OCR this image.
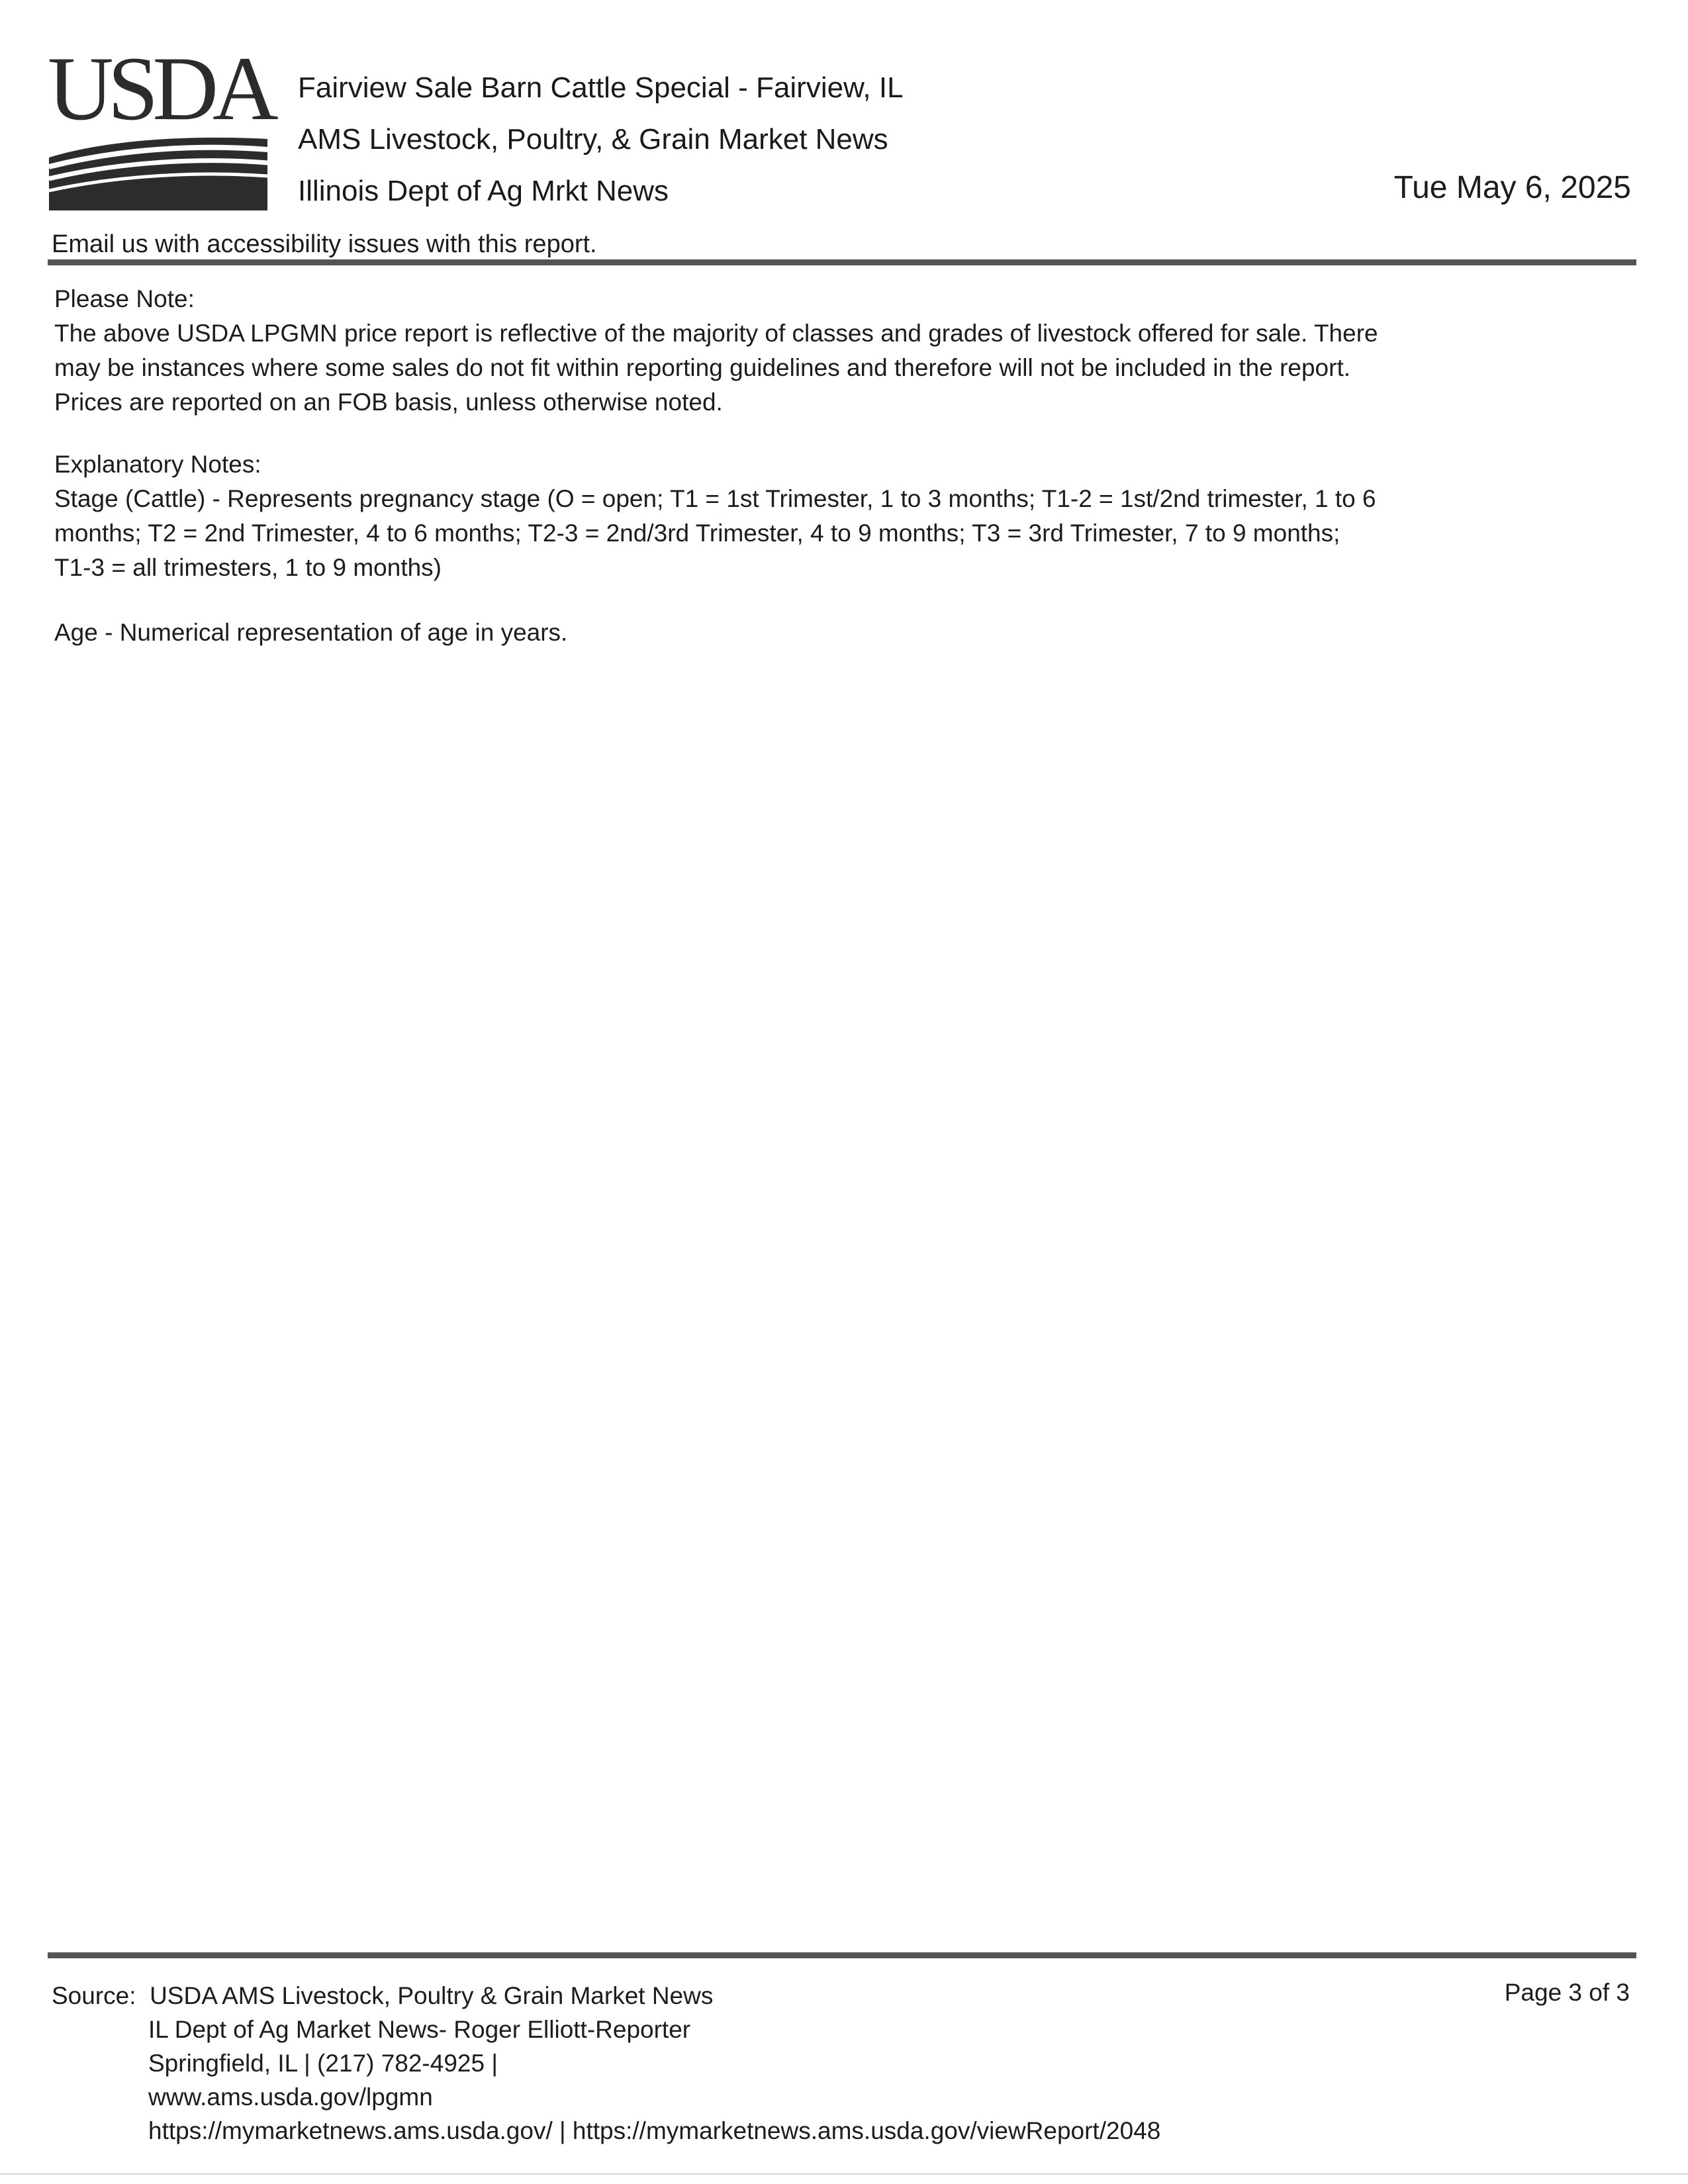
USDA Fairview Sale Barn Cattle Special - Fairview, IL
AMS Livestock, Poultry, & Grain Market News
Illinois Dept of Ag Mrkt News	Tue May 6, 2025
Email us with accessibility issues with this report.
Please Note:
The above USDA LPGMN price report is reflective of the majority of classes and grades of livestock offered for sale. There may be instances where some sales do not fit within reporting guidelines and therefore will not be included in the report. Prices are reported on an FOB basis, unless otherwise noted.
Explanatory Notes:
Stage (Cattle) - Represents pregnancy stage (O = open; T1 = 1st Trimester, 1 to 3 months; T1-2 = 1st/2nd trimester, 1 to 6 months; T2 = 2nd Trimester, 4 to 6 months; T2-3 = 2nd/3rd Trimester, 4 to 9 months; T3 = 3rd Trimester, 7 to 9 months; T1-3 = all trimesters, 1 to 9 months)
Age - Numerical representation of age in years.
Source: USDA AMS Livestock, Poultry & Grain Market News
IL Dept of Ag Market News- Roger Elliott-Reporter
Springfield, IL | (217) 782-4925 |
www.ams.usda.gov/lpgmn
https://mymarketnews.ams.usda.gov/ | https://mymarketnews.ams.usda.gov/viewReport/2048
Page 3 of 3
